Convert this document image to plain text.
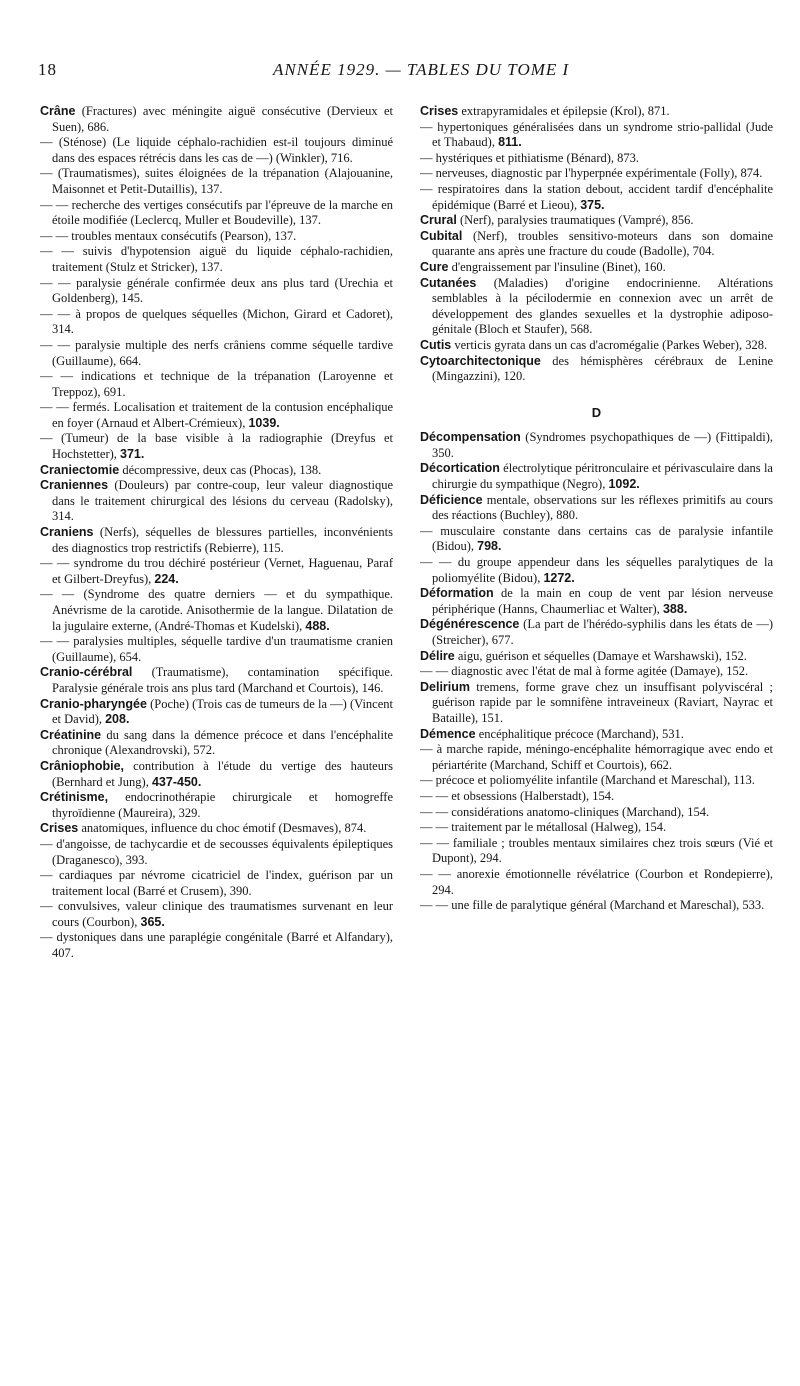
18	ANNÉE 1929. — TABLES DU TOME I

Crâne (Fractures) avec méningite aiguë consécutive (Dervieux et Suen), 686.

— (Sténose) (Le liquide céphalo-rachidien est-il toujours diminué dans des espaces rétrécis dans les cas de —) (Winkler), 716.

— (Traumatismes), suites éloignées de la trépanation (Alajouanine, Maisonnet et Petit-Dutaillis), 137.

— — recherche des vertiges consécutifs par l'épreuve de la marche en étoile modifiée (Leclercq, Muller et Boudeville), 137.

— — troubles mentaux consécutifs (Pearson), 137.

— — suivis d'hypotension aiguë du liquide céphalo-rachidien, traitement (Stulz et Stricker), 137.

— — paralysie générale confirmée deux ans plus tard (Urechia et Goldenberg), 145.

— — à propos de quelques séquelles (Michon, Girard et Cadoret), 314.

— — paralysie multiple des nerfs crâniens comme séquelle tardive (Guillaume), 664.

— — indications et technique de la trépanation (Laroyenne et Treppoz), 691.

— — fermés. Localisation et traitement de la contusion encéphalique en foyer (Arnaud et Albert-Crémieux), 1039.

— (Tumeur) de la base visible à la radiographie (Dreyfus et Hochstetter), 371.

Craniectomie décompressive, deux cas (Phocas), 138.

Craniennes (Douleurs) par contre-coup, leur valeur diagnostique dans le traitement chirurgical des lésions du cerveau (Radolsky), 314.

Craniens (Nerfs), séquelles de blessures partielles, inconvénients des diagnostics trop restrictifs (Rebierre), 115.

— — syndrome du trou déchiré postérieur (Vernet, Haguenau, Paraf et Gilbert-Dreyfus), 224.

— — (Syndrome des quatre derniers — et du sympathique. Anévrisme de la carotide. Anisothermie de la langue. Dilatation de la jugulaire externe, (André-Thomas et Kudelski), 488.

— — paralysies multiples, séquelle tardive d'un traumatisme cranien (Guillaume), 654.

Cranio-cérébral (Traumatisme), contamination spécifique. Paralysie générale trois ans plus tard (Marchand et Courtois), 146.

Cranio-pharyngée (Poche) (Trois cas de tumeurs de la —) (Vincent et David), 208.

Créatinine du sang dans la démence précoce et dans l'encéphalite chronique (Alexandrovski), 572.

Crâniophobie, contribution à l'étude du vertige des hauteurs (Bernhard et Jung), 437-450.

Crétinisme, endocrinothérapie chirurgicale et homogreffe thyroïdienne (Maureira), 329.

Crises anatomiques, influence du choc émotif (Desmaves), 874.

— d'angoisse, de tachycardie et de secousses équivalents épileptiques (Draganesco), 393.

— cardiaques par névrome cicatriciel de l'index, guérison par un traitement local (Barré et Crusem), 390.

— convulsives, valeur clinique des traumatismes survenant en leur cours (Courbon), 365.

— dystoniques dans une paraplégie congénitale (Barré et Alfandary), 407.

Crises extrapyramidales et épilepsie (Krol), 871.

— hypertoniques généralisées dans un syndrome strio-pallidal (Jude et Thabaud), 811.

— hystériques et pithiatisme (Bénard), 873.

— nerveuses, diagnostic par l'hyperpnée expérimentale (Folly), 874.

— respiratoires dans la station debout, accident tardif d'encéphalite épidémique (Barré et Lieou), 375.

Crural (Nerf), paralysies traumatiques (Vampré), 856.

Cubital (Nerf), troubles sensitivo-moteurs dans son domaine quarante ans après une fracture du coude (Badolle), 704.

Cure d'engraissement par l'insuline (Binet), 160.

Cutanées (Maladies) d'origine endocrinienne. Altérations semblables à la pécilodermie en connexion avec un arrêt de développement des glandes sexuelles et la dystrophie adiposo-génitale (Bloch et Staufer), 568.

Cutis verticis gyrata dans un cas d'acromégalie (Parkes Weber), 328.

Cytoarchitectonique des hémisphères cérébraux de Lenine (Mingazzini), 120.

D

Décompensation (Syndromes psychopathiques de —) (Fittipaldi), 350.

Décortication électrolytique péritronculaire et périvasculaire dans la chirurgie du sympathique (Negro), 1092.

Déficience mentale, observations sur les réflexes primitifs au cours des réactions (Buchley), 880.

— musculaire constante dans certains cas de paralysie infantile (Bidou), 798.

— — du groupe appendeur dans les séquelles paralytiques de la poliomyélite (Bidou), 1272.

Déformation de la main en coup de vent par lésion nerveuse périphérique (Hanns, Chaumerliac et Walter), 388.

Dégénérescence (La part de l'hérédo-syphilis dans les états de —) (Streicher), 677.

Délire aigu, guérison et séquelles (Damaye et Warshawski), 152.

— — diagnostic avec l'état de mal à forme agitée (Damaye), 152.

Delirium tremens, forme grave chez un insuffisant polyviscéral ; guérison rapide par le somnifène intraveineux (Raviart, Nayrac et Bataille), 151.

Démence encéphalitique précoce (Marchand), 531.

— à marche rapide, méningo-encéphalite hémorragique avec endo et périartérite (Marchand, Schiff et Courtois), 662.

— précoce et poliomyélite infantile (Marchand et Mareschal), 113.

— — et obsessions (Halberstadt), 154.

— — considérations anatomo-cliniques (Marchand), 154.

— — traitement par le métallosal (Halweg), 154.

— — familiale ; troubles mentaux similaires chez trois sœurs (Vié et Dupont), 294.

— — anorexie émotionnelle révélatrice (Courbon et Rondepierre), 294.

— — une fille de paralytique général (Marchand et Mareschal), 533.
